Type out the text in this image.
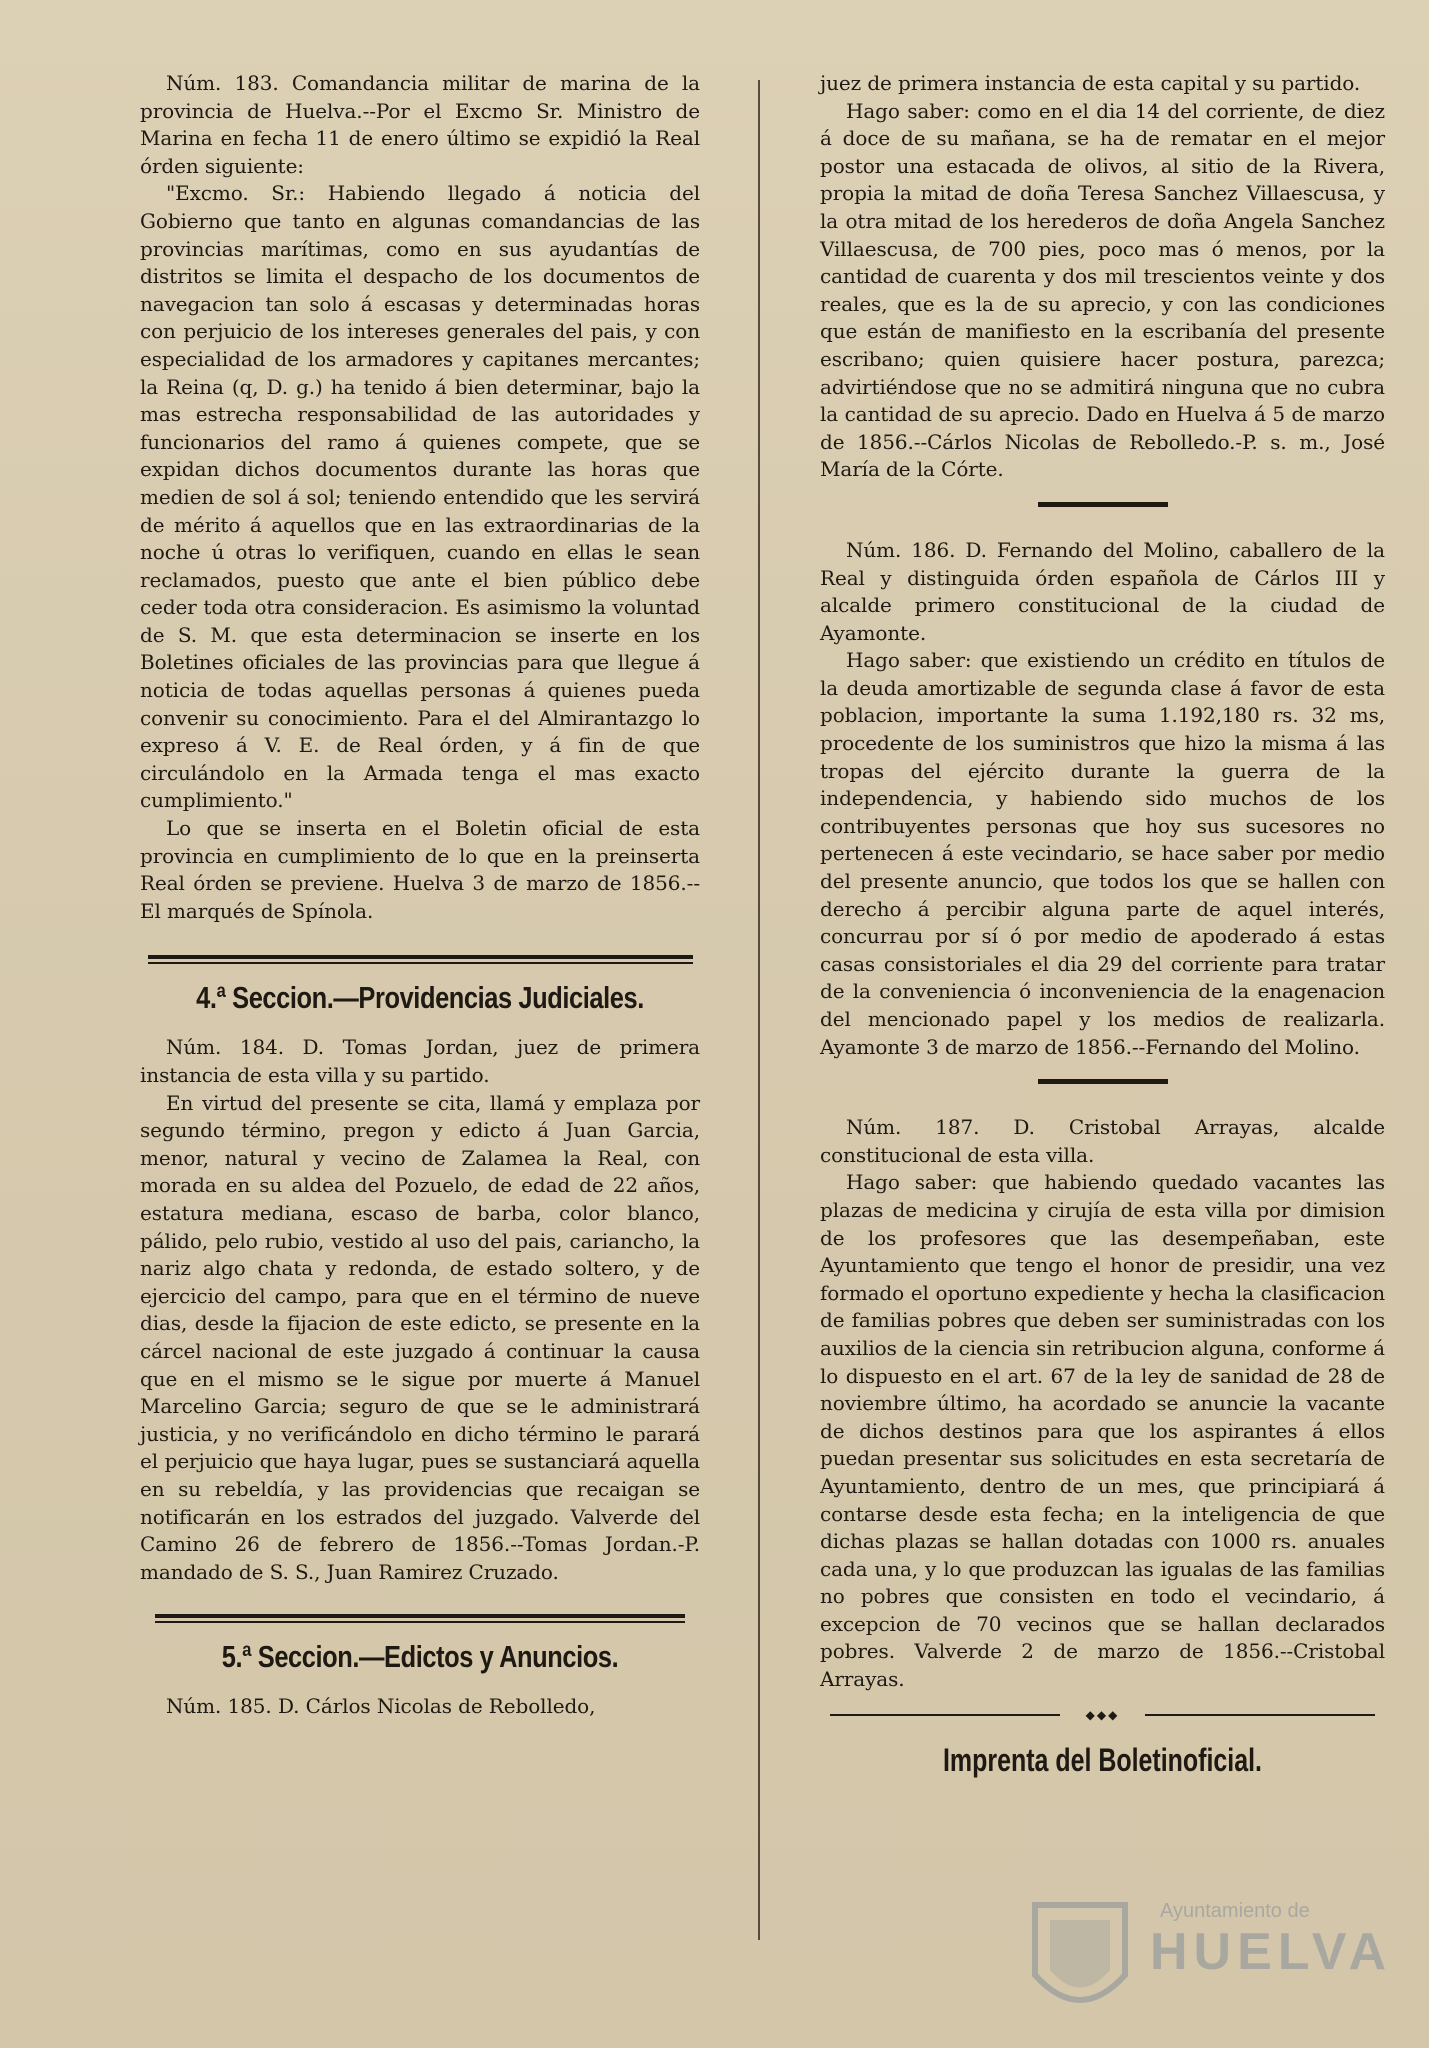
Núm. 183. Comandancia militar de marina de la provincia de Huelva.--Por el Excmo Sr. Ministro de Marina en fecha 11 de enero último se expidió la Real órden siguiente:

"Excmo. Sr.: Habiendo llegado á noticia del Gobierno que tanto en algunas comandancias de las provincias marítimas, como en sus ayudantías de distritos se limita el despacho de los documentos de navegacion tan solo á escasas y determinadas horas con perjuicio de los intereses generales del pais, y con especialidad de los armadores y capitanes mercantes; la Reina (q, D. g.) ha tenido á bien determinar, bajo la mas estrecha responsabilidad de las autoridades y funcionarios del ramo á quienes compete, que se expidan dichos documentos durante las horas que medien de sol á sol; teniendo entendido que les servirá de mérito á aquellos que en las extraordinarias de la noche ú otras lo verifiquen, cuando en ellas le sean reclamados, puesto que ante el bien público debe ceder toda otra consideracion. Es asimismo la voluntad de S. M. que esta determinacion se inserte en los Boletines oficiales de las provincias para que llegue á noticia de todas aquellas personas á quienes pueda convenir su conocimiento. Para el del Almirantazgo lo expreso á V. E. de Real órden, y á fin de que circulándolo en la Armada tenga el mas exacto cumplimiento."

Lo que se inserta en el Boletin oficial de esta provincia en cumplimiento de lo que en la preinserta Real órden se previene. Huelva 3 de marzo de 1856.--El marqués de Spínola.

4.ª Seccion.—Providencias Judiciales.

Núm. 184. D. Tomas Jordan, juez de primera instancia de esta villa y su partido.

En virtud del presente se cita, llamá y emplaza por segundo término, pregon y edicto á Juan Garcia, menor, natural y vecino de Zalamea la Real, con morada en su aldea del Pozuelo, de edad de 22 años, estatura mediana, escaso de barba, color blanco, pálido, pelo rubio, vestido al uso del pais, carianchо, la nariz algo chata y redonda, de estado soltero, y de ejercicio del campo, para que en el término de nueve dias, desde la fijacion de este edicto, se presente en la cárcel nacional de este juzgado á continuar la causa que en el mismo se le sigue por muerte á Manuel Marcelino Garcia; seguro de que se le administrará justicia, y no verificándolo en dicho término le parará el perjuicio que haya lugar, pues se sustanciará aquella en su rebeldía, y las providencias que recaigan se notificarán en los estrados del juzgado. Valverde del Camino 26 de febrero de 1856.--Tomas Jordan.-P. mandado de S. S., Juan Ramirez Cruzado.

5.ª Seccion.—Edictos y Anuncios.

Núm. 185. D. Cárlos Nicolas de Rebolledo,

juez de primera instancia de esta capital y su partido.

Hago saber: como en el dia 14 del corriente, de diez á doce de su mañana, se ha de rematar en el mejor postor una estacada de olivos, al sitio de la Rivera, propia la mitad de doña Teresa Sanchez Villaescusa, y la otra mitad de los herederos de doña Angela Sanchez Villaescusa, de 700 pies, poco mas ó menos, por la cantidad de cuarenta y dos mil trescientos veinte y dos reales, que es la de su aprecio, y con las condiciones que están de manifiesto en la escribanía del presente escribano; quien quisiere hacer postura, parezca; advirtiéndose que no se admitirá ninguna que no cubra la cantidad de su aprecio. Dado en Huelva á 5 de marzo de 1856.--Cárlos Nicolas de Rebolledo.-P. s. m., José María de la Córte.

Núm. 186. D. Fernando del Molino, caballero de la Real y distinguida órden española de Cárlos III y alcalde primero constitucional de la ciudad de Ayamonte.

Hago saber: que existiendo un crédito en títulos de la deuda amortizable de segunda clase á favor de esta poblacion, importante la suma 1.192,180 rs. 32 ms, procedente de los suministros que hizo la misma á las tropas del ejército durante la guerra de la independencia, y habiendo sido muchos de los contribuyentes personas que hoy sus sucesores no pertenecen á este vecindario, se hace saber por medio del presente anuncio, que todos los que se hallen con derecho á percibir alguna parte de aquel interés, concurrau por sí ó por medio de apoderado á estas casas consistoriales el dia 29 del corriente para tratar de la conveniencia ó inconveniencia de la enagenacion del mencionado papel y los medios de realizarla. Ayamonte 3 de marzo de 1856.--Fernando del Molino.

Núm. 187. D. Cristobal Arrayas, alcalde constitucional de esta villa.

Hago saber: que habiendo quedado vacantes las plazas de medicina y cirujía de esta villa por dimision de los profesores que las desempeñaban, este Ayuntamiento que tengo el honor de presidir, una vez formado el oportuno expediente y hecha la clasificacion de familias pobres que deben ser suministradas con los auxilios de la ciencia sin retribucion alguna, conforme á lo dispuesto en el art. 67 de la ley de sanidad de 28 de noviembre último, ha acordado se anuncie la vacante de dichos destinos para que los aspirantes á ellos puedan presentar sus solicitudes en esta secretaría de Ayuntamiento, dentro de un mes, que principiará á contarse desde esta fecha; en la inteligencia de que dichas plazas se hallan dotadas con 1000 rs. anuales cada una, y lo que produzcan las igualas de las familias no pobres que consisten en todo el vecindario, á excepcion de 70 vecinos que se hallan declarados pobres. Valverde 2 de marzo de 1856.--Cristobal Arrayas.

◆◆◆
Imprenta del Boletinoficial.
Ayuntamiento de
HUELVA
